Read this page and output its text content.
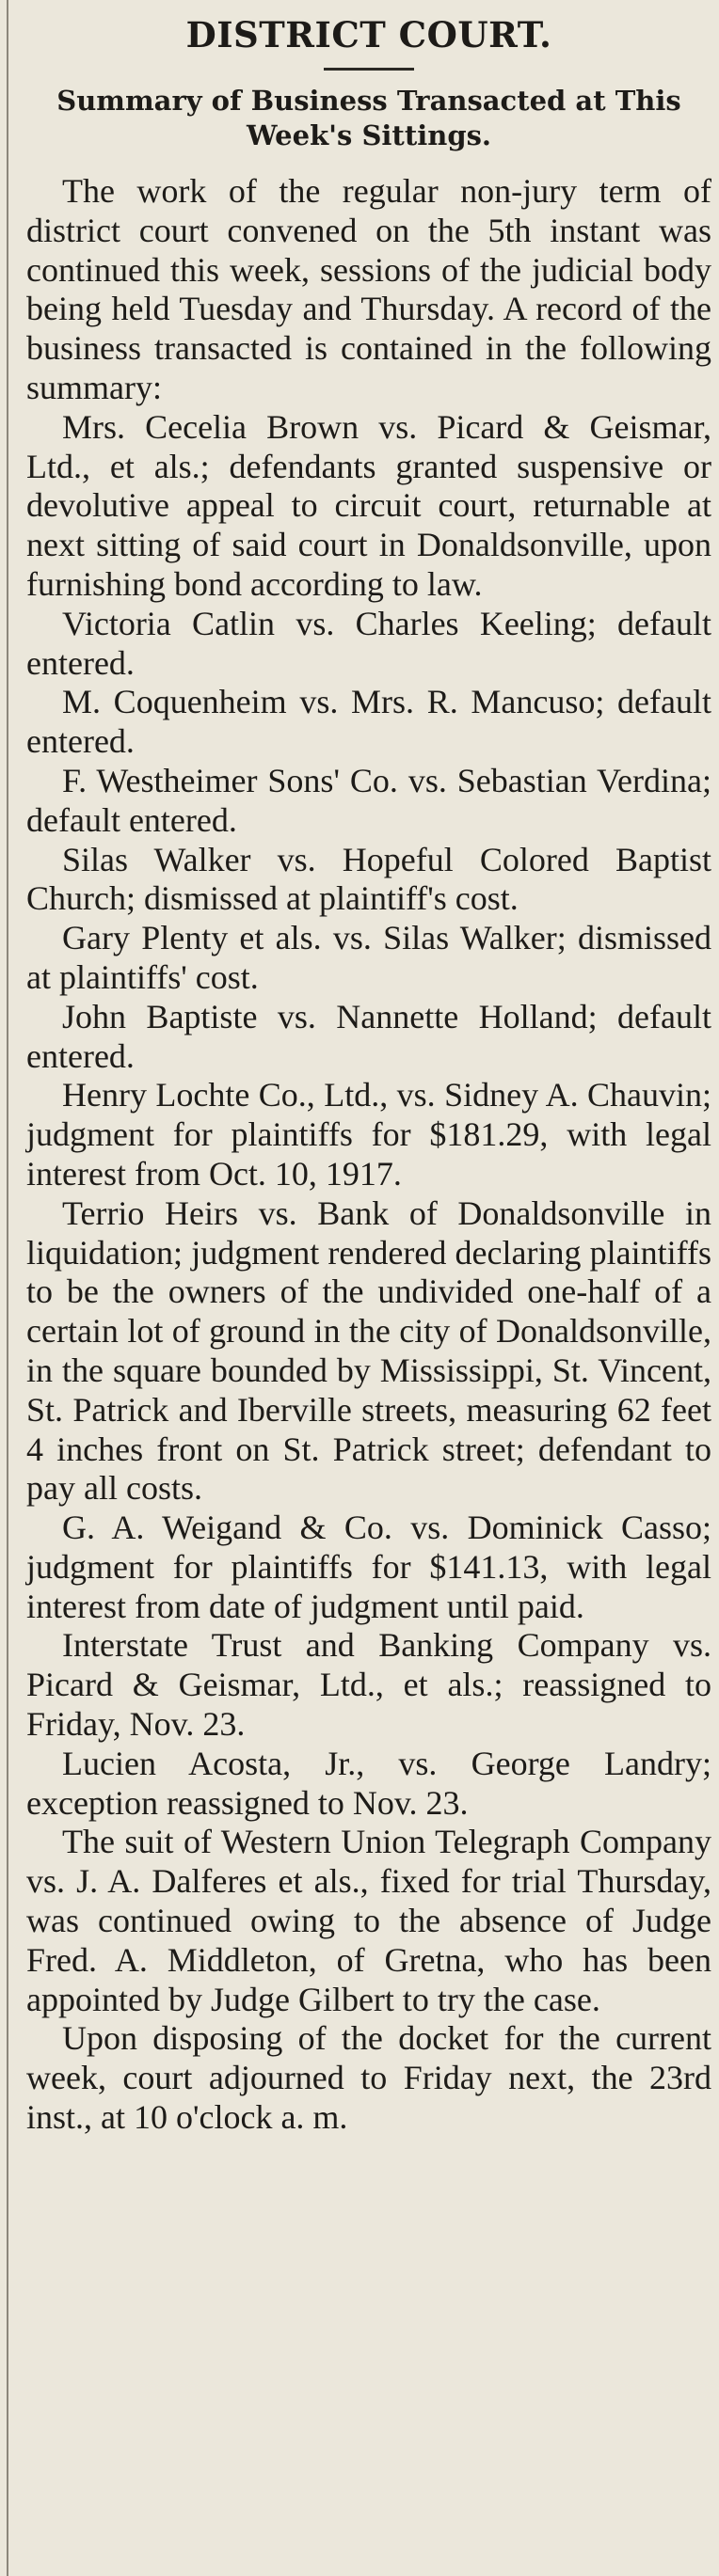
DISTRICT COURT.
Summary of Business Transacted at This Week's Sittings.

The work of the regular non-jury term of district court convened on the 5th instant was continued this week, sessions of the judicial body being held Tuesday and Thursday. A record of the business transacted is contained in the following summary:

Mrs. Cecelia Brown vs. Picard & Geismar, Ltd., et als.; defendants granted suspensive or devolutive appeal to circuit court, returnable at next sitting of said court in Donaldsonville, upon furnishing bond according to law.

Victoria Catlin vs. Charles Keeling; default entered.

M. Coquenheim vs. Mrs. R. Mancuso; default entered.

F. Westheimer Sons' Co. vs. Sebastian Verdina; default entered.

Silas Walker vs. Hopeful Colored Baptist Church; dismissed at plaintiff's cost.

Gary Plenty et als. vs. Silas Walker; dismissed at plaintiffs' cost.

John Baptiste vs. Nannette Holland; default entered.

Henry Lochte Co., Ltd., vs. Sidney A. Chauvin; judgment for plaintiffs for $181.29, with legal interest from Oct. 10, 1917.

Terrio Heirs vs. Bank of Donaldsonville in liquidation; judgment rendered declaring plaintiffs to be the owners of the undivided one-half of a certain lot of ground in the city of Donaldsonville, in the square bounded by Mississippi, St. Vincent, St. Patrick and Iberville streets, measuring 62 feet 4 inches front on St. Patrick street; defendant to pay all costs.

G. A. Weigand & Co. vs. Dominick Casso; judgment for plaintiffs for $141.13, with legal interest from date of judgment until paid.

Interstate Trust and Banking Company vs. Picard & Geismar, Ltd., et als.; reassigned to Friday, Nov. 23.

Lucien Acosta, Jr., vs. George Landry; exception reassigned to Nov. 23.

The suit of Western Union Telegraph Company vs. J. A. Dalferes et als., fixed for trial Thursday, was continued owing to the absence of Judge Fred. A. Middleton, of Gretna, who has been appointed by Judge Gilbert to try the case.

Upon disposing of the docket for the current week, court adjourned to Friday next, the 23rd inst., at 10 o'clock a. m.
